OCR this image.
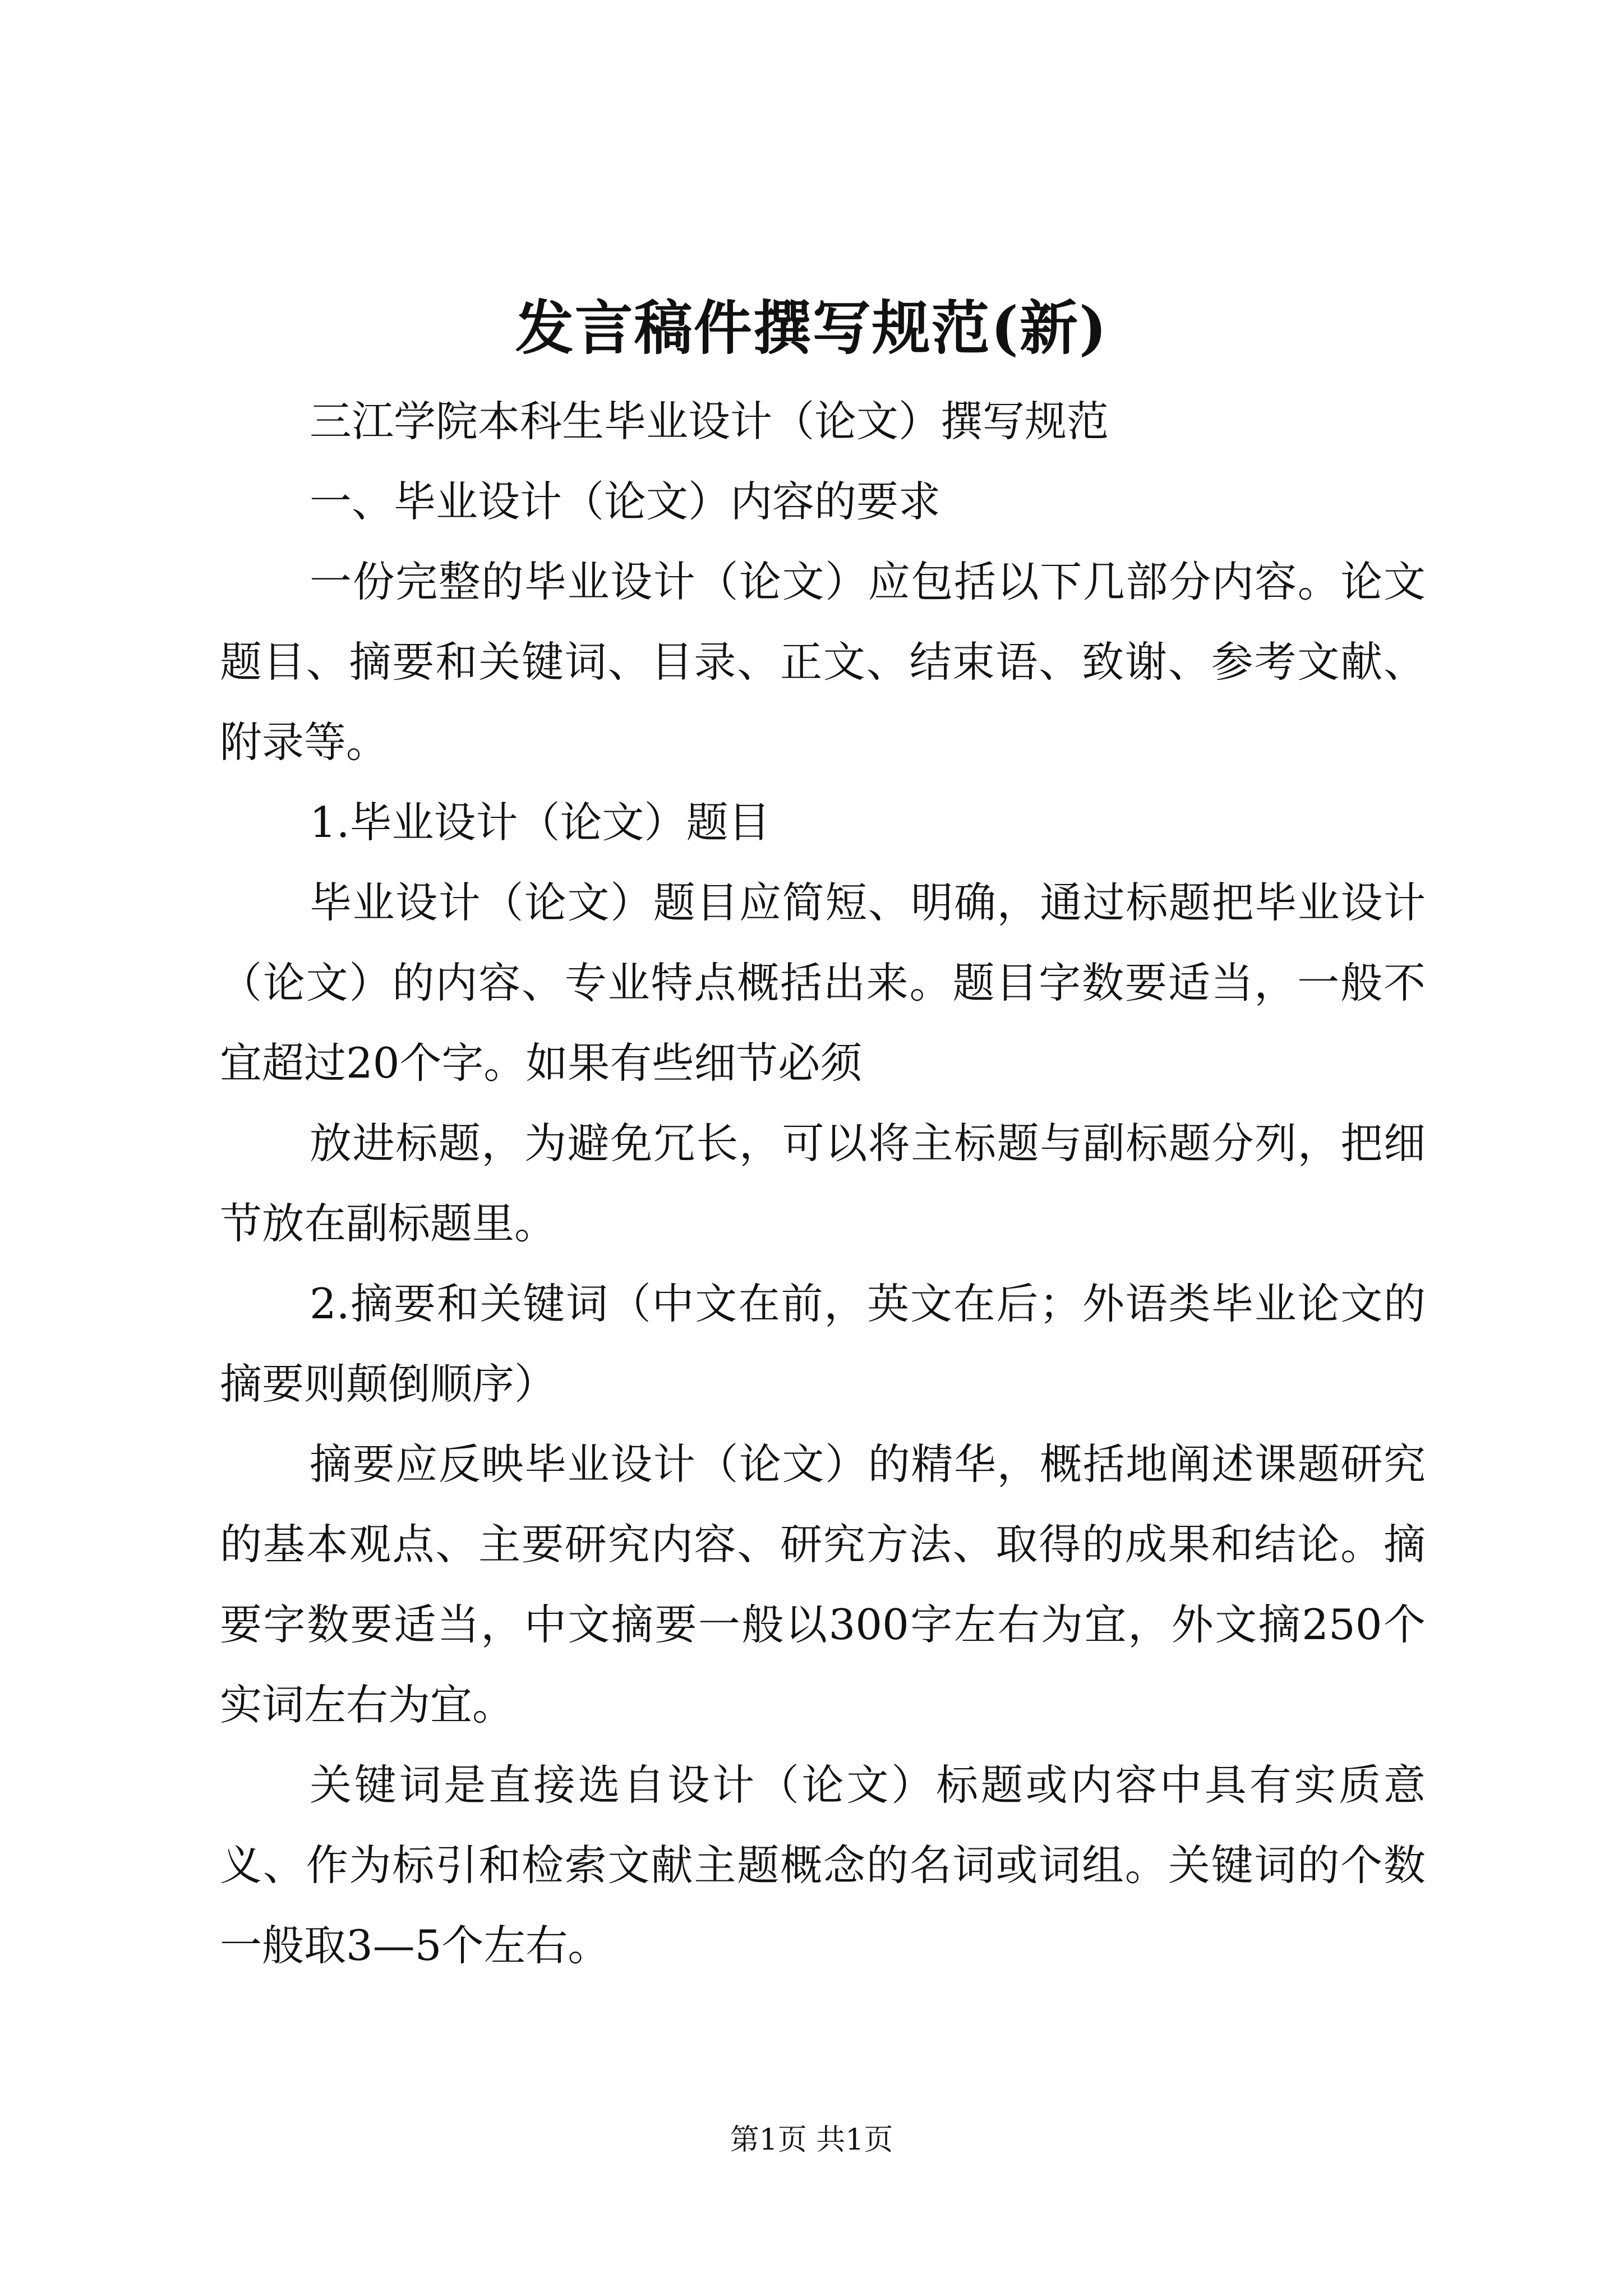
发言稿件撰写规范(新)

三江学院本科生毕业设计（论文）撰写规范

一、毕业设计（论文）内容的要求

一份完整的毕业设计（论文）应包括以下几部分内容。论文题目、摘要和关键词、目录、正文、结束语、致谢、参考文献、附录等。

1.毕业设计（论文）题目

毕业设计（论文）题目应简短、明确，通过标题把毕业设计（论文）的内容、专业特点概括出来。题目字数要适当，一般不宜超过20个字。如果有些细节必须

放进标题，为避免冗长，可以将主标题与副标题分列，把细节放在副标题里。

2.摘要和关键词（中文在前，英文在后；外语类毕业论文的摘要则颠倒顺序）

摘要应反映毕业设计（论文）的精华，概括地阐述课题研究的基本观点、主要研究内容、研究方法、取得的成果和结论。摘要字数要适当，中文摘要一般以300字左右为宜，外文摘250个实词左右为宜。

关键词是直接选自设计（论文）标题或内容中具有实质意义、作为标引和检索文献主题概念的名词或词组。关键词的个数一般取3—5个左右。

第1页 共1页
